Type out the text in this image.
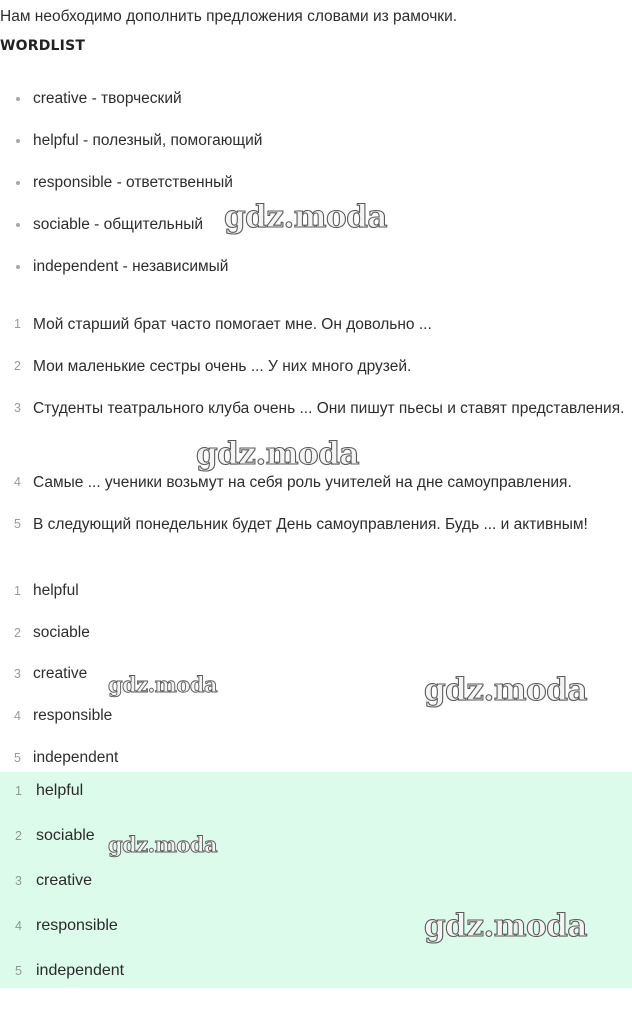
Нам необходимо дополнить предложения словами из рамочки.
WORDLIST
creative - творческий
helpful - полезный, помогающий
responsible - ответственный
sociable - общительный
independent - независимый
1 Мой старший брат часто помогает мне. Он довольно ...
2 Мои маленькие сестры очень ... У них много друзей.
3 Студенты театрального клуба очень ... Они пишут пьесы и ставят представления.
4 Самые ... ученики возьмут на себя роль учителей на дне самоуправления.
5 В следующий понедельник будет День самоуправления. Будь ... и активным!
1 helpful
2 sociable
3 creative
4 responsible
5 independent
1 helpful
2 sociable
3 creative
4 responsible
5 independent
gdz.moda
gdz.moda
gdz.moda	gdz.moda
gdz.moda
gdz.moda
